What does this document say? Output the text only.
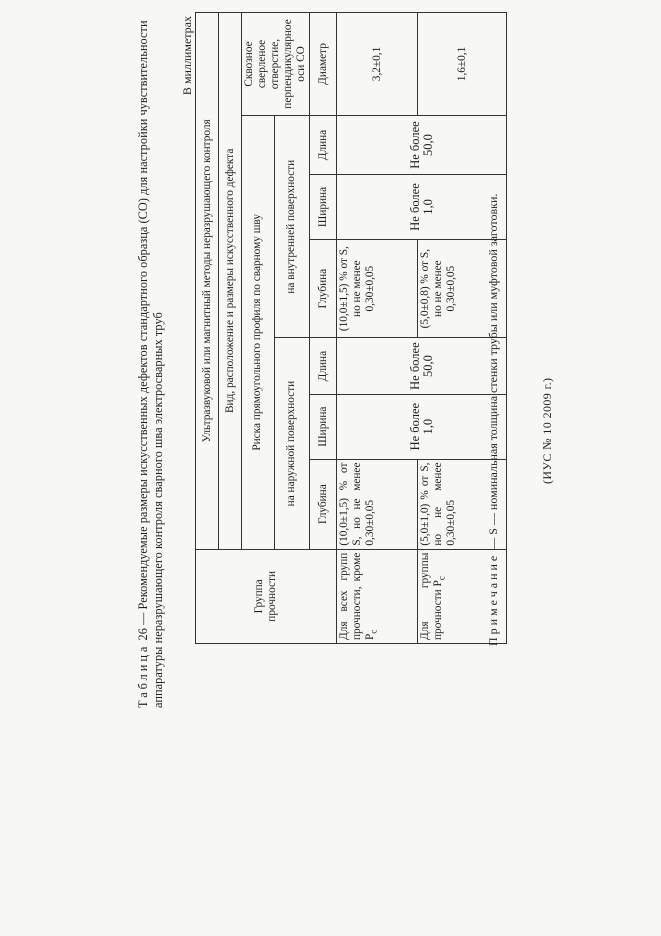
Таблица 26 — Рекомендуемые размеры искусственных дефектов стандартного образца (СО) для настройки чувствительности аппаратуры неразрушающего контроля сварного шва электросварных труб
В миллиметрах
Группа прочности	Ультразвуковой или магнитный методы неразрушающего контроля						
	Вид, расположение и размеры искусственного дефекта						
	Риска прямоугольного профиля по сварному шву						Сквозное сверленое отверстие, перпендикулярное оси СО
	на наружной поверхности			на внутренней поверхности			
	Глубина	Ширина	Длина	Глубина	Ширина	Длина	Диаметр
Для всех групп прочности, кроме $P_c$	(10,0±1,5) % от S, но не менее 0,30±0,05	Не более 1,0	Не более 50,0	(10,0±1,5) % от S, но не менее 0,30±0,05	Не более 1,0	Не более 50,0	3,2±0,1
Для группы прочности $P_c$	(5,0±1,0) % от S, но не менее 0,30±0,05			(5,0±0,8) % от S, но не менее 0,30±0,05			1,6±0,1
Примечание — S — номинальная толщина стенки трубы или муфтовой заготовки.	(ИУС № 10 2009 г.)
